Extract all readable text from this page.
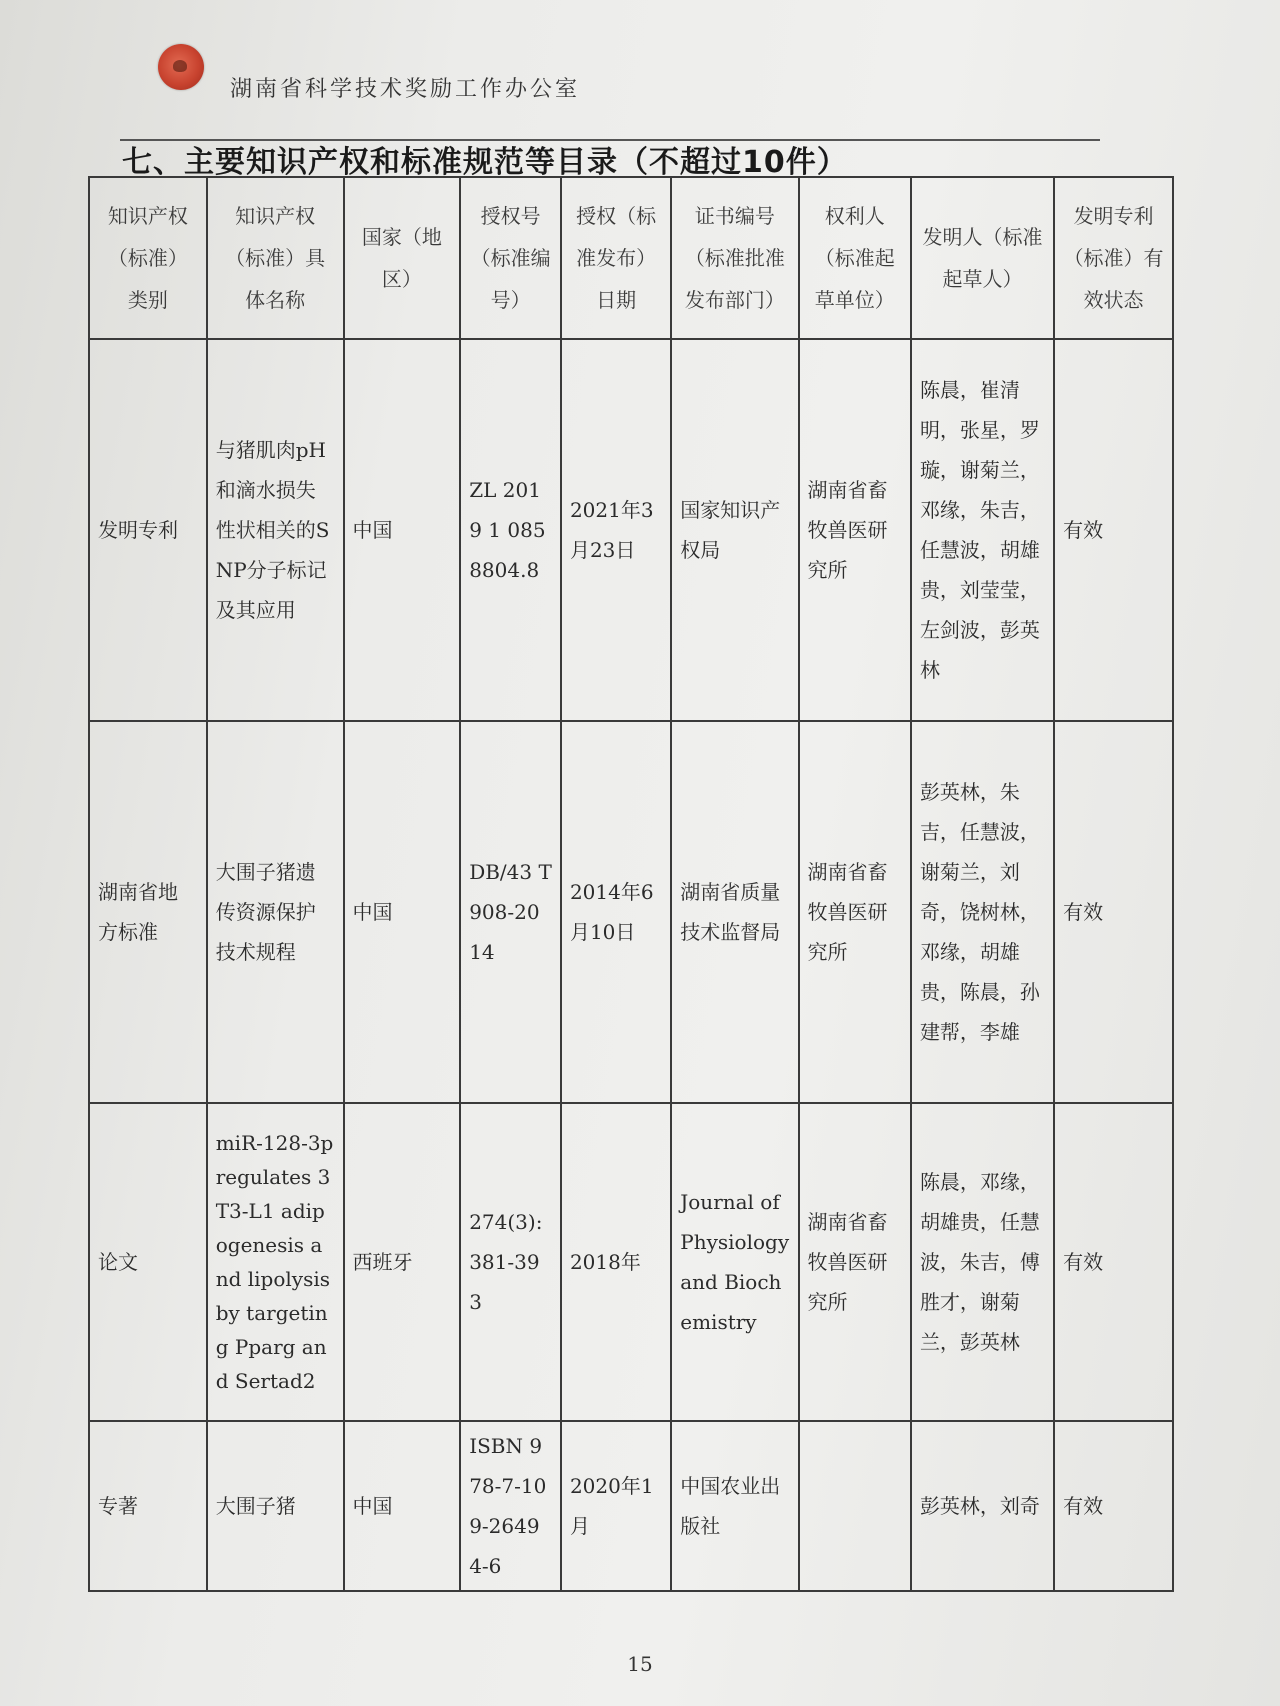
湖南省科学技术奖励工作办公室
七、主要知识产权和标准规范等目录（不超过10件）
知识产权（标准）类别	知识产权（标准）具体名称	国家（地区）	授权号（标准编号）	授权（标准发布）日期	证书编号（标准批准发布部门）	权利人（标准起草单位）	发明人（标准起草人）	发明专利（标准）有效状态
发明专利	与猪肌肉pH和滴水损失性状相关的SNP分子标记及其应用	中国	ZL 2019 1 0858804.8	2021年3月23日	国家知识产权局	湖南省畜牧兽医研究所	陈晨，崔清明，张星，罗璇，谢菊兰，邓缘，朱吉，任慧波，胡雄贵，刘莹莹，左剑波，彭英林	有效
湖南省地方标准	大围子猪遗传资源保护技术规程	中国	DB/43 T 908-2014	2014年6月10日	湖南省质量技术监督局	湖南省畜牧兽医研究所	彭英林，朱吉，任慧波，谢菊兰，刘奇，饶树林，邓缘，胡雄贵，陈晨，孙建帮，李雄	有效
论文	miR-128-3p regulates 3T3-L1 adipogenesis and lipolysis by targeting Pparg and Sertad2	西班牙	274(3): 381-393	2018年	Journal of Physiology and Biochemistry	湖南省畜牧兽医研究所	陈晨，邓缘，胡雄贵，任慧波，朱吉，傅胜才，谢菊兰，彭英林	有效
专著	大围子猪	中国	ISBN 978-7-109-26494-6	2020年1月	中国农业出版社		彭英林，刘奇	有效
15
